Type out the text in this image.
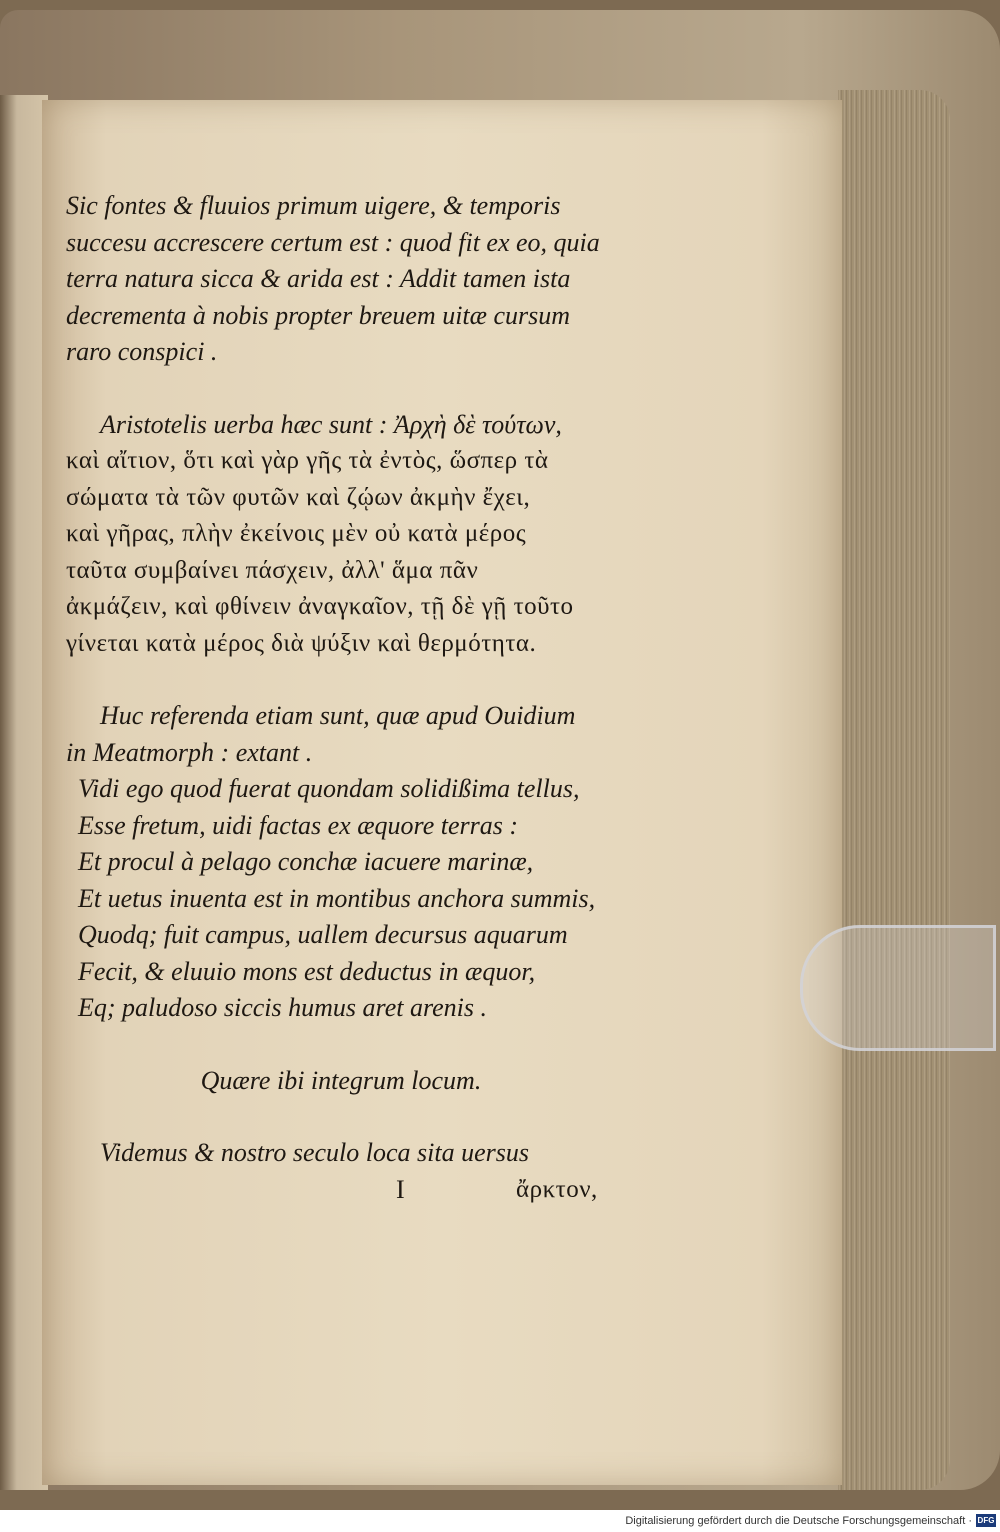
Sic fontes & fluuios primum uigere, & temporis
succesu accrescere certum est : quod fit ex eo, quia
terra natura sicca & arida est : Addit tamen ista
decrementa à nobis propter breuem uitæ cursum
raro conspici .
Aristotelis uerba hæc sunt : Ἀρχὴ δὲ τούτων,
καὶ αἴτιον, ὅτι καὶ γὰρ γῆς τὰ ἐντὸς, ὥσπερ τὰ
σώματα τὰ τῶν φυτῶν καὶ ζῴων ἀκμὴν ἔχει,
καὶ γῆρας, πλὴν ἐκείνοις μὲν οὐ κατὰ μέρος
ταῦτα συμβαίνει πάσχειν, ἀλλ' ἅμα πᾶν
ἀκμάζειν, καὶ φθίνειν ἀναγκαῖον, τῇ δὲ γῇ τοῦτο
γίνεται κατὰ μέρος διὰ ψύξιν καὶ θερμότητα.
Huc referenda etiam sunt, quæ apud Ouidium
in Meatmorph : extant .
Vidi ego quod fuerat quondam solidißima tellus,
Esse fretum, uidi factas ex æquore terras :
Et procul à pelago conchæ iacuere marinæ,
Et uetus inuenta est in montibus anchora summis,
Quodq; fuit campus, uallem decursus aquarum
Fecit, & eluuio mons est deductus in æquor,
Eq; paludoso siccis humus aret arenis .
Quære ibi integrum locum.
Videmus & nostro seculo loca sita uersus
I	ἄρκτον,
Digitalisierung gefördert durch die Deutsche Forschungsgemeinschaft · DFG
